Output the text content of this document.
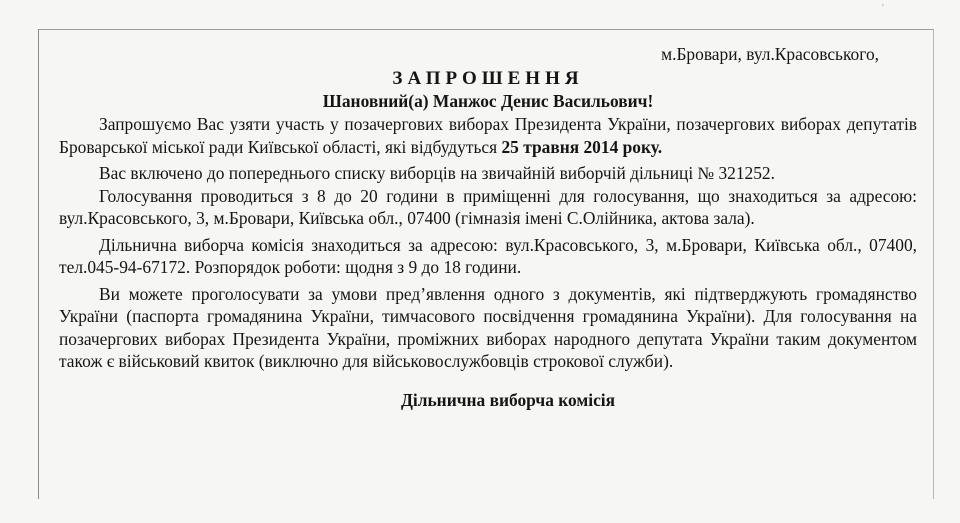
'

м.Бровари, вул.Красовського,

ЗАПРОШЕННЯ

Шановний(а) Манжос Денис Васильович!

Запрошуємо Вас узяти участь у позачергових виборах Президента України, позачергових виборах депутатів Броварської міської ради Київської області, які відбудуться 25 травня 2014 року.

Вас включено до попереднього списку виборців на звичайній виборчій дільниці № 321252.

Голосування проводиться з 8 до 20 години в приміщенні для голосування, що знаходиться за адресою: вул.Красовського, 3, м.Бровари, Київська обл., 07400 (гімназія імені С.Олійника, актова зала).

Дільнична виборча комісія знаходиться за адресою: вул.Красовського, 3, м.Бровари, Київська обл., 07400, тел.045-94-67172. Розпорядок роботи: щодня з 9 до 18 години.

Ви можете проголосувати за умови пред’явлення одного з документів, які підтверджують громадянство України (паспорта громадянина України, тимчасового посвідчення громадянина України). Для голосування на позачергових виборах Президента України, проміжних виборах народного депутата України таким документом також є військовий квиток (виключно для військовослужбовців строкової служби).

Дільнична виборча комісія
